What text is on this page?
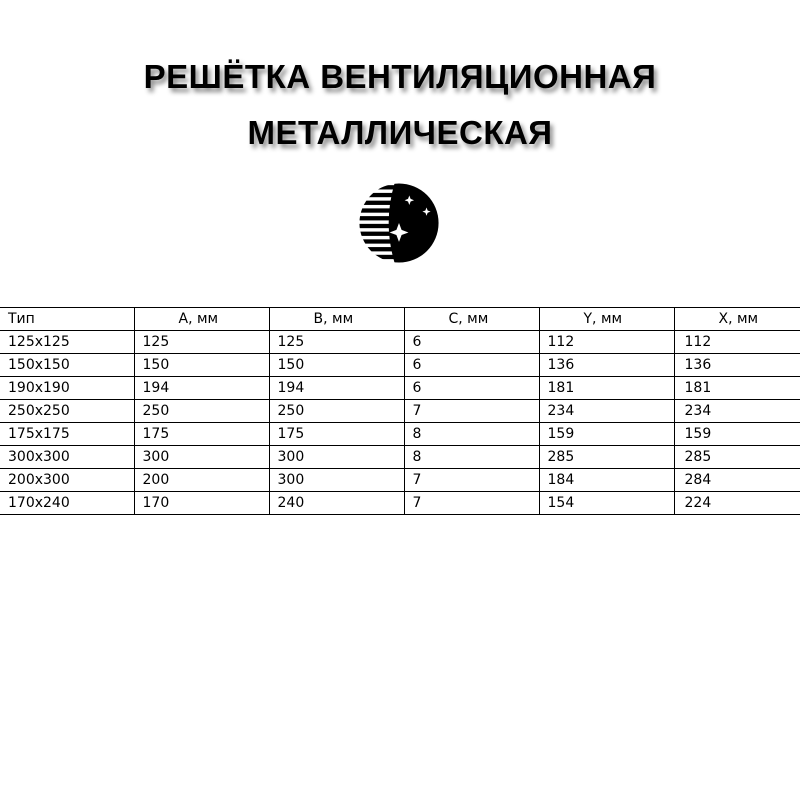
РЕШЁТКА ВЕНТИЛЯЦИОННАЯ
МЕТАЛЛИЧЕСКАЯ
Тип	A, мм	B, мм	C, мм	Y, мм	X, мм
125x125	125	125	6	112	112
150x150	150	150	6	136	136
190x190	194	194	6	181	181
250x250	250	250	7	234	234
175x175	175	175	8	159	159
300x300	300	300	8	285	285
200x300	200	300	7	184	284
170x240	170	240	7	154	224
